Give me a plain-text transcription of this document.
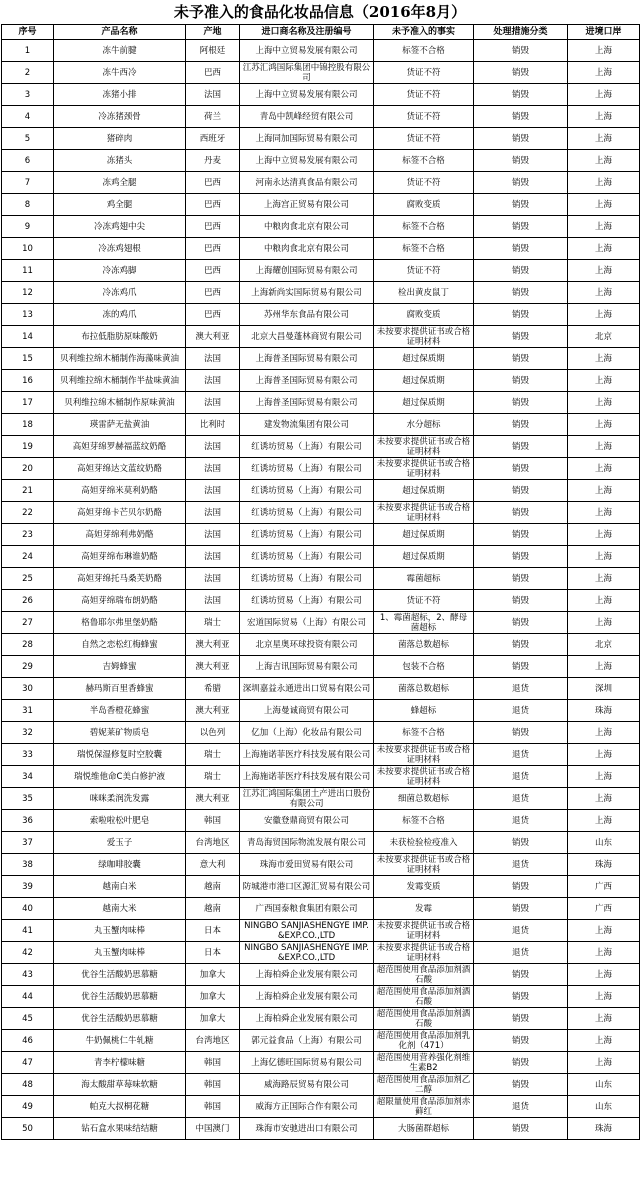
未予准入的食品化妆品信息（2016年8月）
序号	产品名称	产地	进口商名称及注册编号	未予准入的事实	处理措施分类	进境口岸
1	冻牛前腱	阿根廷	上海中立贸易发展有限公司	标签不合格	销毁	上海
2	冻牛西冷	巴西	江苏汇鸿国际集团中锦控股有限公司	货证不符	销毁	上海
3	冻猪小排	法国	上海中立贸易发展有限公司	货证不符	销毁	上海
4	冷冻猪颈骨	荷兰	青岛中凯峰经贸有限公司	货证不符	销毁	上海
5	猪碎肉	西班牙	上海同加国际贸易有限公司	货证不符	销毁	上海
6	冻猪头	丹麦	上海中立贸易发展有限公司	标签不合格	销毁	上海
7	冻鸡全腿	巴西	河南永达清真食品有限公司	货证不符	销毁	上海
8	鸡全腿	巴西	上海宫正贸易有限公司	腐败变质	销毁	上海
9	冷冻鸡翅中尖	巴西	中粮肉食北京有限公司	标签不合格	销毁	上海
10	冷冻鸡翅根	巴西	中粮肉食北京有限公司	标签不合格	销毁	上海
11	冷冻鸡脚	巴西	上海耀创国际贸易有限公司	货证不符	销毁	上海
12	冷冻鸡爪	巴西	上海新尚实国际贸易有限公司	检出黄皮鼠丁	销毁	上海
13	冻的鸡爪	巴西	苏州华东食品有限公司	腐败变质	销毁	上海
14	布拉低脂肪原味酸奶	澳大利亚	北京大昌曼蓬林商贸有限公司	未按要求提供证书或合格证明材料	销毁	北京
15	贝利维拉绵木桶制作海藻味黄油	法国	上海普圣国际贸易有限公司	超过保质期	销毁	上海
16	贝利维拉绵木桶制作半盐味黄油	法国	上海普圣国际贸易有限公司	超过保质期	销毁	上海
17	贝利维拉绵木桶制作原味黄油	法国	上海普圣国际贸易有限公司	超过保质期	销毁	上海
18	瑛雷萨无盐黄油	比利时	建发物流集团有限公司	水分超标	销毁	上海
19	高妲芽绵罗赫福蓝纹奶酪	法国	红诱坊贸易（上海）有限公司	未按要求提供证书或合格证明材料	销毁	上海
20	高妲芽绵达文蓝纹奶酪	法国	红诱坊贸易（上海）有限公司	未按要求提供证书或合格证明材料	销毁	上海
21	高妲芽绵米莫利奶酪	法国	红诱坊贸易（上海）有限公司	超过保质期	销毁	上海
22	高妲芽绵卡芒贝尔奶酪	法国	红诱坊贸易（上海）有限公司	未按要求提供证书或合格证明材料	销毁	上海
23	高妲芽绵利弗奶酪	法国	红诱坊贸易（上海）有限公司	超过保质期	销毁	上海
24	高妲芽绵布琳谁奶酪	法国	红诱坊贸易（上海）有限公司	超过保质期	销毁	上海
25	高妲芽绵托马桑芙奶酪	法国	红诱坊贸易（上海）有限公司	霉菌超标	销毁	上海
26	高妲芽绵瑞布朗奶酪	法国	红诱坊贸易（上海）有限公司	货证不符	销毁	上海
27	格鲁耶尔弗里堡奶酪	瑞士	宏道国际贸易（上海）有限公司	1、霉菌超标，2、酵母菌超标	销毁	上海
28	自然之恋松红梅蜂蜜	澳大利亚	北京星奥环球投资有限公司	菌落总数超标	销毁	北京
29	吉姆蜂蜜	澳大利亚	上海吉讯国际贸易有限公司	包装不合格	销毁	上海
30	赫玛斯百里香蜂蜜	希腊	深圳嘉益永通进出口贸易有限公司	菌落总数超标	退货	深圳
31	半岛香橙花蜂蜜	澳大利亚	上海曼诚商贸有限公司	蜂超标	退货	珠海
32	碧妮莱矿物质皂	以色列	亿加（上海）化妆品有限公司	标签不合格	销毁	上海
33	瑞悦保湿修复时空胶囊	瑞士	上海施诺菲医疗科技发展有限公司	未按要求提供证书或合格证明材料	退货	上海
34	瑞悦维他命C美白修护液	瑞士	上海施诺菲医疗科技发展有限公司	未按要求提供证书或合格证明材料	退货	上海
35	咪咪柔润洗发露	澳大利亚	江苏汇鸿国际集团土产进出口股份有限公司	细菌总数超标	退货	上海
36	索啦啦松叶肥皂	韩国	安徽登鼎商贸有限公司	标签不合格	退货	上海
37	爱玉子	台湾地区	青岛海贸国际物流发展有限公司	未获检验检疫准入	销毁	山东
38	绿咖啡胶囊	意大利	珠海市爱田贸易有限公司	未按要求提供证书或合格证明材料	退货	珠海
39	越南白米	越南	防城港市港口区源汇贸易有限公司	发霉变质	销毁	广西
40	越南大米	越南	广西国泰粮食集团有限公司	发霉	销毁	广西
41	丸玉蟹肉味棒	日本	NINGBO SANJIASHENGYE IMP.&EXP.CO.,LTD	未按要求提供证书或合格证明材料	退货	上海
42	丸玉蟹肉味棒	日本	NINGBO SANJIASHENGYE IMP.&EXP.CO.,LTD	未按要求提供证书或合格证明材料	退货	上海
43	优谷生活酸奶思慕糖	加拿大	上海柏舜企业发展有限公司	超范围使用食品添加剂酒石酸	销毁	上海
44	优谷生活酸奶思慕糖	加拿大	上海柏舜企业发展有限公司	超范围使用食品添加剂酒石酸	销毁	上海
45	优谷生活酸奶思慕糖	加拿大	上海柏舜企业发展有限公司	超范围使用食品添加剂酒石酸	销毁	上海
46	牛奶佩桃仁牛轧糖	台湾地区	郭元益食品（上海）有限公司	超范围使用食品添加剂乳化剂（471）	销毁	上海
47	青李柠檬味糖	韩国	上海亿德旺国际贸易有限公司	超范围使用营养强化剂维生素B2	销毁	上海
48	海太酸甜草莓味软糖	韩国	威海路辰贸易有限公司	超范围使用食品添加剂乙二醇	销毁	山东
49	帕克大叔桐花糖	韩国	威海方正国际合作有限公司	超限量使用食品添加剂赤藓红	退货	山东
50	钻石盒水果味结结糖	中国澳门	珠海市安驰进出口有限公司	大肠菌群超标	销毁	珠海
